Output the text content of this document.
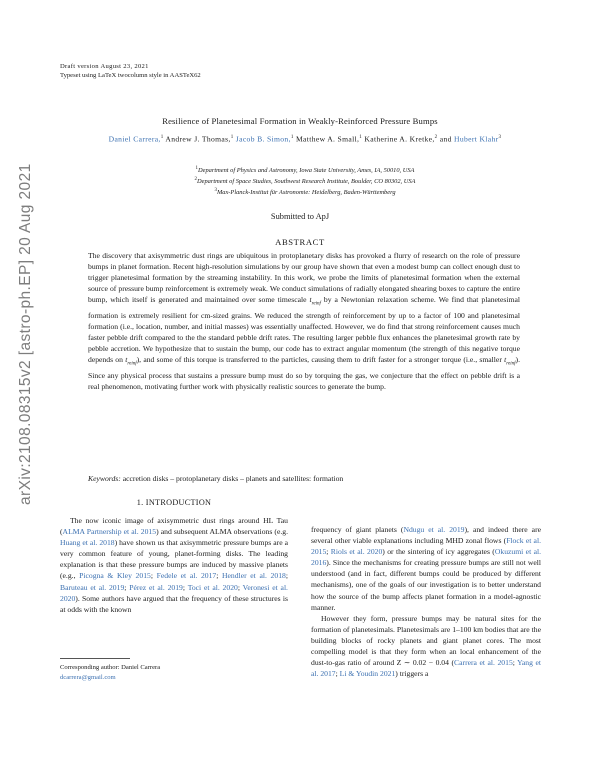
Draft version August 23, 2021
Typeset using LaTeX twocolumn style in AASTeX62
arXiv:2108.08315v2 [astro-ph.EP] 20 Aug 2021
Resilience of Planetesimal Formation in Weakly-Reinforced Pressure Bumps
Daniel Carrera,$^1$ Andrew J. Thomas,$^1$ Jacob B. Simon,$^1$ Matthew A. Small,$^1$ Katherine A. Kretke,$^2$ and Hubert Klahr$^3$
$^1$Department of Physics and Astronomy, Iowa State University, Ames, IA, 50010, USA
$^2$Department of Space Studies, Southwest Research Institute, Boulder, CO 80302, USA
$^3$Max-Planck-Institut für Astronomie: Heidelberg, Baden-Württemberg
Submitted to ApJ
ABSTRACT
The discovery that axisymmetric dust rings are ubiquitous in protoplanetary disks has provoked a flurry of research on the role of pressure bumps in planet formation. Recent high-resolution simulations by our group have shown that even a modest bump can collect enough dust to trigger planetesimal formation by the streaming instability. In this work, we probe the limits of planetesimal formation when the external source of pressure bump reinforcement is extremely weak. We conduct simulations of radially elongated shearing boxes to capture the entire bump, which itself is generated and maintained over some timescale $t_{reinf}$ by a Newtonian relaxation scheme. We find that planetesimal formation is extremely resilient for cm-sized grains. We reduced the strength of reinforcement by up to a factor of 100 and planetesimal formation (i.e., location, number, and initial masses) was essentially unaffected. However, we do find that strong reinforcement causes much faster pebble drift compared to the the standard pebble drift rates. The resulting larger pebble flux enhances the planetesimal growth rate by pebble accretion. We hypothesize that to sustain the bump, our code has to extract angular momentum (the strength of this negative torque depends on $t_{reinf}$), and some of this torque is transferred to the particles, causing them to drift faster for a stronger torque (i.e., smaller $t_{reinf}$). Since any physical process that sustains a pressure bump must do so by torquing the gas, we conjecture that the effect on pebble drift is a real phenomenon, motivating further work with physically realistic sources to generate the bump.
Keywords: accretion disks – protoplanetary disks – planets and satellites: formation
1. INTRODUCTION

The now iconic image of axisymmetric dust rings around HL Tau (ALMA Partnership et al. 2015) and subsequent ALMA observations (e.g. Huang et al. 2018) have shown us that axisymmetric pressure bumps are a very common feature of young, planet-forming disks. The leading explanation is that these pressure bumps are induced by massive planets (e.g., Picogna & Kley 2015; Fedele et al. 2017; Hendler et al. 2018; Baruteau et al. 2019; Pérez et al. 2019; Toci et al. 2020; Veronesi et al. 2020). Some authors have argued that the frequency of these structures is at odds with the known

frequency of giant planets (Ndugu et al. 2019), and indeed there are several other viable explanations including MHD zonal flows (Flock et al. 2015; Riols et al. 2020) or the sintering of icy aggregates (Okuzumi et al. 2016). Since the mechanisms for creating pressure bumps are still not well understood (and in fact, different bumps could be produced by different mechanisms), one of the goals of our investigation is to better understand how the source of the bump affects planet formation in a model-agnostic manner.

However they form, pressure bumps may be natural sites for the formation of planetesimals. Planetesimals are 1–100 km bodies that are the building blocks of rocky planets and giant planet cores. The most compelling model is that they form when an local enhancement of the dust-to-gas ratio of around Z ∼ 0.02 − 0.04 (Carrera et al. 2015; Yang et al. 2017; Li & Youdin 2021) triggers a

Corresponding author: Daniel Carrera
dcarrera@gmail.com
